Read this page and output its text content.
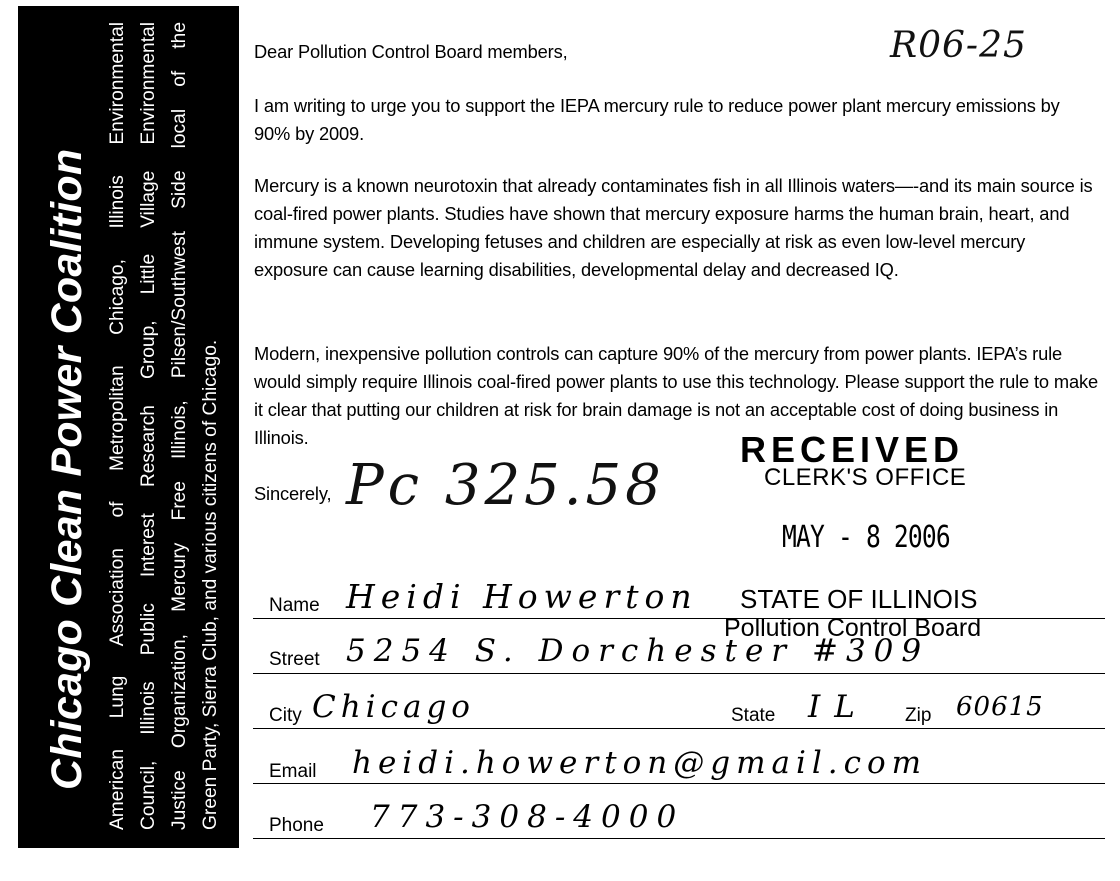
Chicago Clean Power Coalition American Lung Association of Metropolitan Chicago, Illinois Environmental Council, Illinois Public Interest Research Group, Little Village Environmental Justice Organization, Mercury Free Illinois, Pilsen/Southwest Side local of the Green Party, Sierra Club, and various citizens of Chicago.

Dear Pollution Control Board members,	R06-25

I am writing to urge you to support the IEPA mercury rule to reduce power plant mercury emissions by 90% by 2009.

Mercury is a known neurotoxin that already contaminates fish in all Illinois waters—-and its main source is coal-fired power plants. Studies have shown that mercury exposure harms the human brain, heart, and immune system. Developing fetuses and children are especially at risk as even low-level mercury exposure can cause learning disabilities, developmental delay and decreased IQ.

Modern, inexpensive pollution controls can capture 90% of the mercury from power plants. IEPA’s rule would simply require Illinois coal-fired power plants to use this technology. Please support the rule to make it clear that putting our children at risk for brain damage is not an acceptable cost of doing business in Illinois.

Sincerely, Pc 325.58
RECEIVED
CLERK'S OFFICE
MAY - 8 2006
STATE OF ILLINOIS
Pollution Control Board
Name Heidi Howerton
Street 5254 S. Dorchester #309
City Chicago	State IL Zip 60615
Email heidi.howerton@gmail.com
Phone 773-308-4000
